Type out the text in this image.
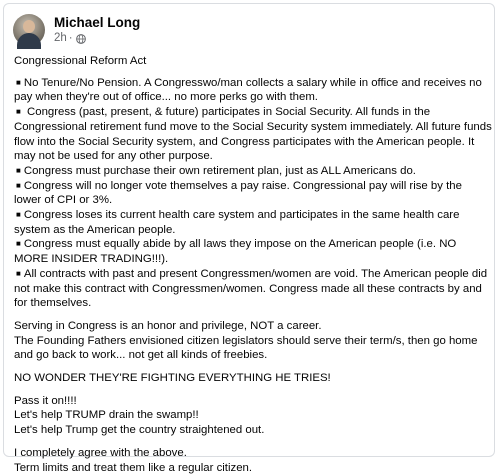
Michael Long
2h ·

Congressional Reform Act

■ No Tenure/No Pension. A Congresswo/man collects a salary while in office and receives no pay when they're out of office... no more perks go with them.

■ Congress (past, present, & future) participates in Social Security. All funds in the Congressional retirement fund move to the Social Security system immediately. All future funds flow into the Social Security system, and Congress participates with the American people. It may not be used for any other purpose.

■ Congress must purchase their own retirement plan, just as ALL Americans do.

■ Congress will no longer vote themselves a pay raise. Congressional pay will rise by the lower of CPI or 3%.

■ Congress loses its current health care system and participates in the same health care system as the American people.

■ Congress must equally abide by all laws they impose on the American people (i.e. NO MORE INSIDER TRADING!!!).

■ All contracts with past and present Congressmen/women are void. The American people did not make this contract with Congressmen/women. Congress made all these contracts by and for themselves.

Serving in Congress is an honor and privilege, NOT a career.

The Founding Fathers envisioned citizen legislators should serve their term/s, then go home and go back to work... not get all kinds of freebies.

NO WONDER THEY'RE FIGHTING EVERYTHING HE TRIES!

Pass it on!!!!

Let's help TRUMP drain the swamp!!

Let's help Trump get the country straightened out.

I completely agree with the above.

Term limits and treat them like a regular citizen.
